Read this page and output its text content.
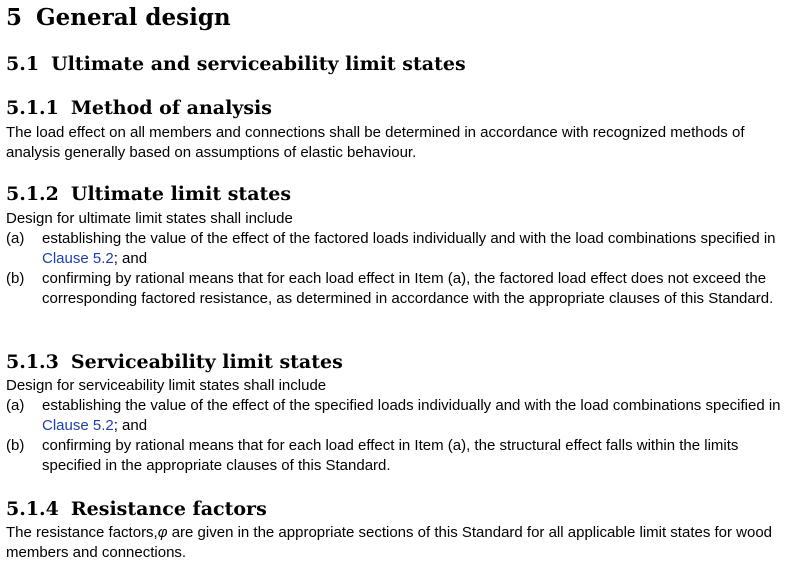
5 General design
5.1 Ultimate and serviceability limit states
5.1.1 Method of analysis
The load effect on all members and connections shall be determined in accordance with recognized methods of analysis generally based on assumptions of elastic behaviour.
5.1.2 Ultimate limit states
Design for ultimate limit states shall include
(a) establishing the value of the effect of the factored loads individually and with the load combinations specified in Clause 5.2; and
(b) confirming by rational means that for each load effect in Item (a), the factored load effect does not exceed the corresponding factored resistance, as determined in accordance with the appropriate clauses of this Standard.
5.1.3 Serviceability limit states
Design for serviceability limit states shall include
(a) establishing the value of the effect of the specified loads individually and with the load combinations specified in Clause 5.2; and
(b) confirming by rational means that for each load effect in Item (a), the structural effect falls within the limits specified in the appropriate clauses of this Standard.
5.1.4 Resistance factors
The resistance factors,φ are given in the appropriate sections of this Standard for all applicable limit states for wood members and connections.
